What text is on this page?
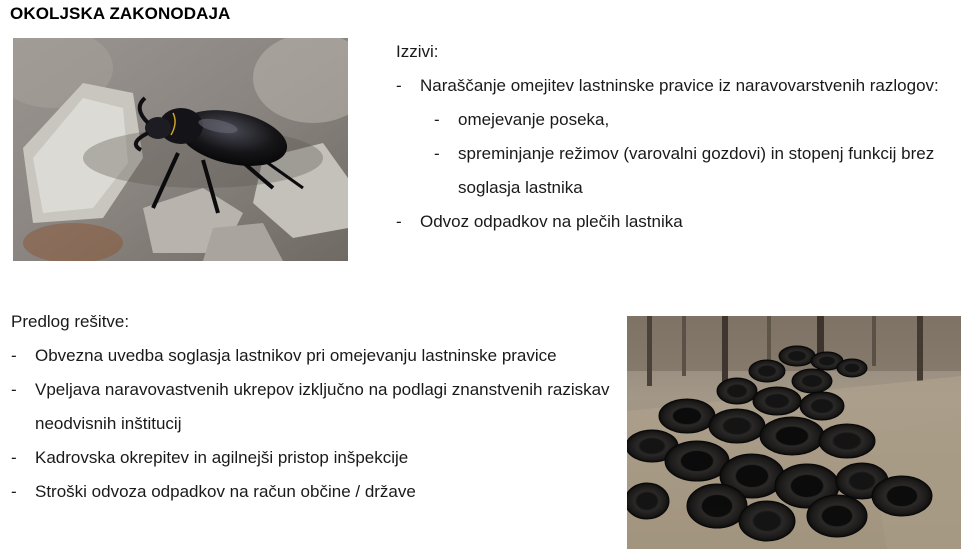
OKOLJSKA ZAKONODAJA
Izzivi:
- Naraščanje omejitev lastninske pravice iz naravovarstvenih razlogov:
- omejevanje poseka,
- spreminjanje režimov (varovalni gozdovi) in stopenj funkcij brez soglasja lastnika
- Odvoz odpadkov na plečih lastnika
Predlog rešitve:
- Obvezna uvedba soglasja lastnikov pri omejevanju lastninske pravice
- Vpeljava naravovastvenih ukrepov izključno na podlagi znanstvenih raziskav neodvisnih inštitucij
- Kadrovska okrepitev in agilnejši pristop inšpekcije
- Stroški odvoza odpadkov na račun občine / države
